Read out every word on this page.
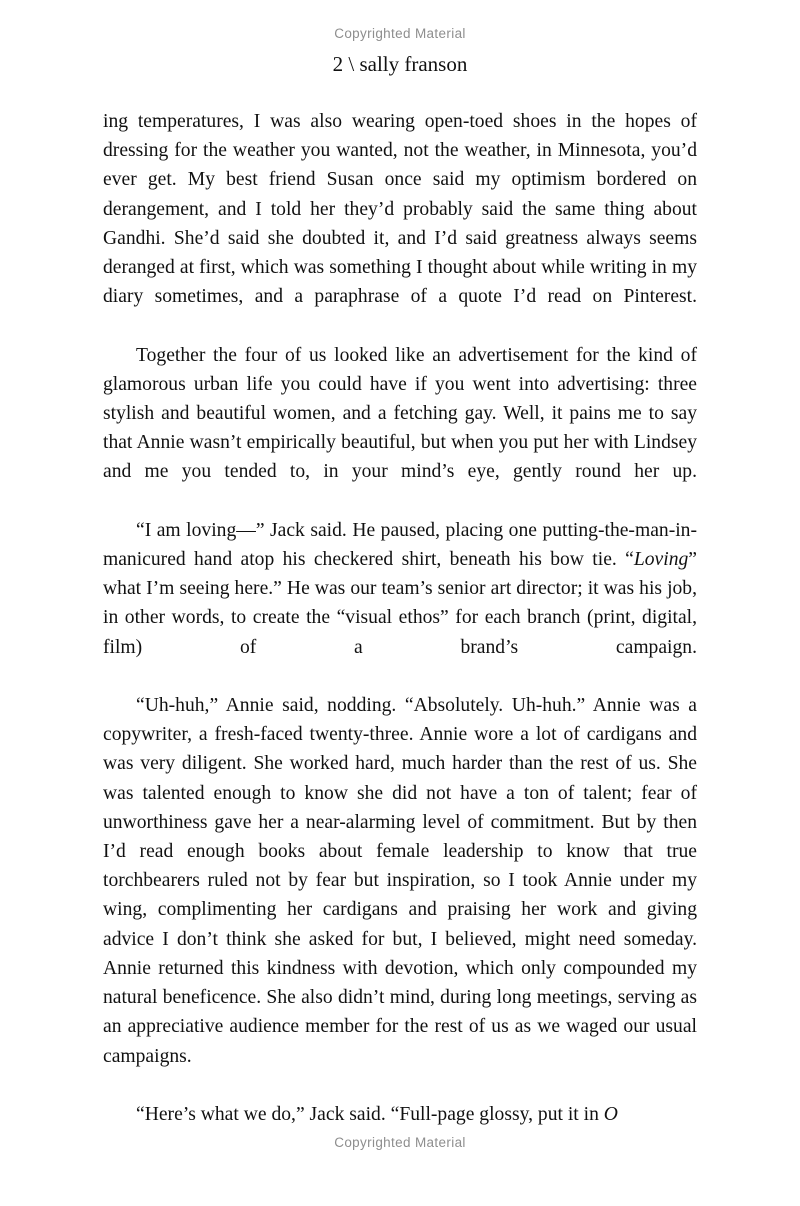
Copyrighted Material
2 \ sally franson

ing temperatures, I was also wearing open-toed shoes in the hopes of dressing for the weather you wanted, not the weather, in Minnesota, you’d ever get. My best friend Susan once said my optimism bordered on derangement, and I told her they’d probably said the same thing about Gandhi. She’d said she doubted it, and I’d said greatness always seems deranged at first, which was something I thought about while writing in my diary sometimes, and a paraphrase of a quote I’d read on Pinterest.

Together the four of us looked like an advertisement for the kind of glamorous urban life you could have if you went into advertising: three stylish and beautiful women, and a fetching gay. Well, it pains me to say that Annie wasn’t empirically beautiful, but when you put her with Lindsey and me you tended to, in your mind’s eye, gently round her up.

“I am loving—” Jack said. He paused, placing one putting-the-man-in-manicured hand atop his checkered shirt, beneath his bow tie. “Loving” what I’m seeing here.” He was our team’s senior art director; it was his job, in other words, to create the “visual ethos” for each branch (print, digital, film) of a brand’s campaign.

“Uh-huh,” Annie said, nodding. “Absolutely. Uh-huh.” Annie was a copywriter, a fresh-faced twenty-three. Annie wore a lot of cardigans and was very diligent. She worked hard, much harder than the rest of us. She was talented enough to know she did not have a ton of talent; fear of unworthiness gave her a near-alarming level of commitment. But by then I’d read enough books about female leadership to know that true torchbearers ruled not by fear but inspiration, so I took Annie under my wing, complimenting her cardigans and praising her work and giving advice I don’t think she asked for but, I believed, might need someday. Annie returned this kindness with devotion, which only compounded my natural beneficence. She also didn’t mind, during long meetings, serving as an appreciative audience member for the rest of us as we waged our usual campaigns.

“Here’s what we do,” Jack said. “Full-page glossy, put it in O

Copyrighted Material
